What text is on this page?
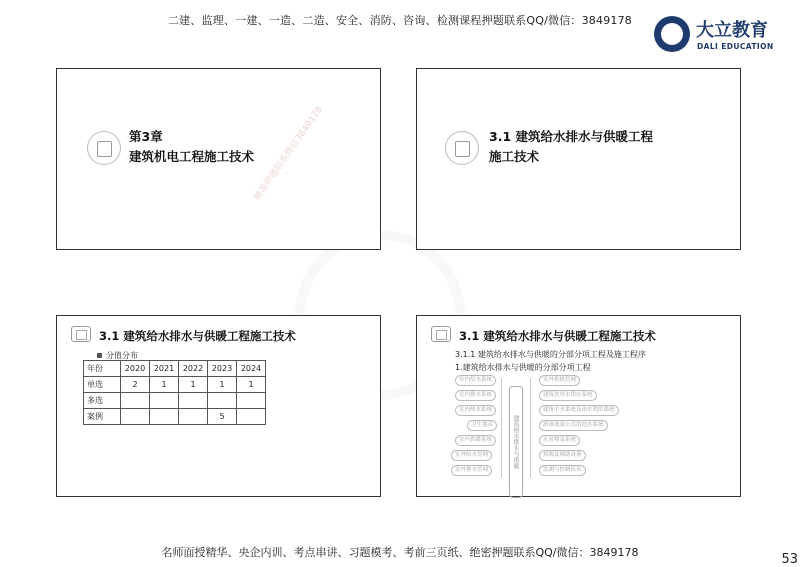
二建、监理、一建、一造、二造、安全、消防、咨询、检测课程押题联系QQ/微信：3849178	大立教育
DALI EDUCATION
第3章
建筑机电工程施工技术
精准押题联系微信3849178	3.1 建筑给水排水与供暖工程
施工技术
3.1 建筑给水排水与供暖工程施工技术
分值分布
年份	2020	2021	2022	2023	2024
单选	2	1	1	1	1
多选					
案例				5	
3.1 建筑给水排水与供暖工程施工技术
3.1.1 建筑给水排水与供暖的分部分项工程及施工程序
1.建筑给水排水与供暖的分部分项工程
建筑给水排水与供暖
室内给水系统
室内排水系统
室内热水系统
卫生器具
室内供暖系统
室外给水管网
室外排水管网
室外供热管网
建筑饮用水供应系统
建筑中水系统及雨水利用系统
游泳池及公共浴池水系统
水景喷泉系统
热源及辅助设备
监测与控制仪表
名师面授精华、央企内训、考点串讲、习题模考、考前三页纸、绝密押题联系QQ/微信：3849178	53
